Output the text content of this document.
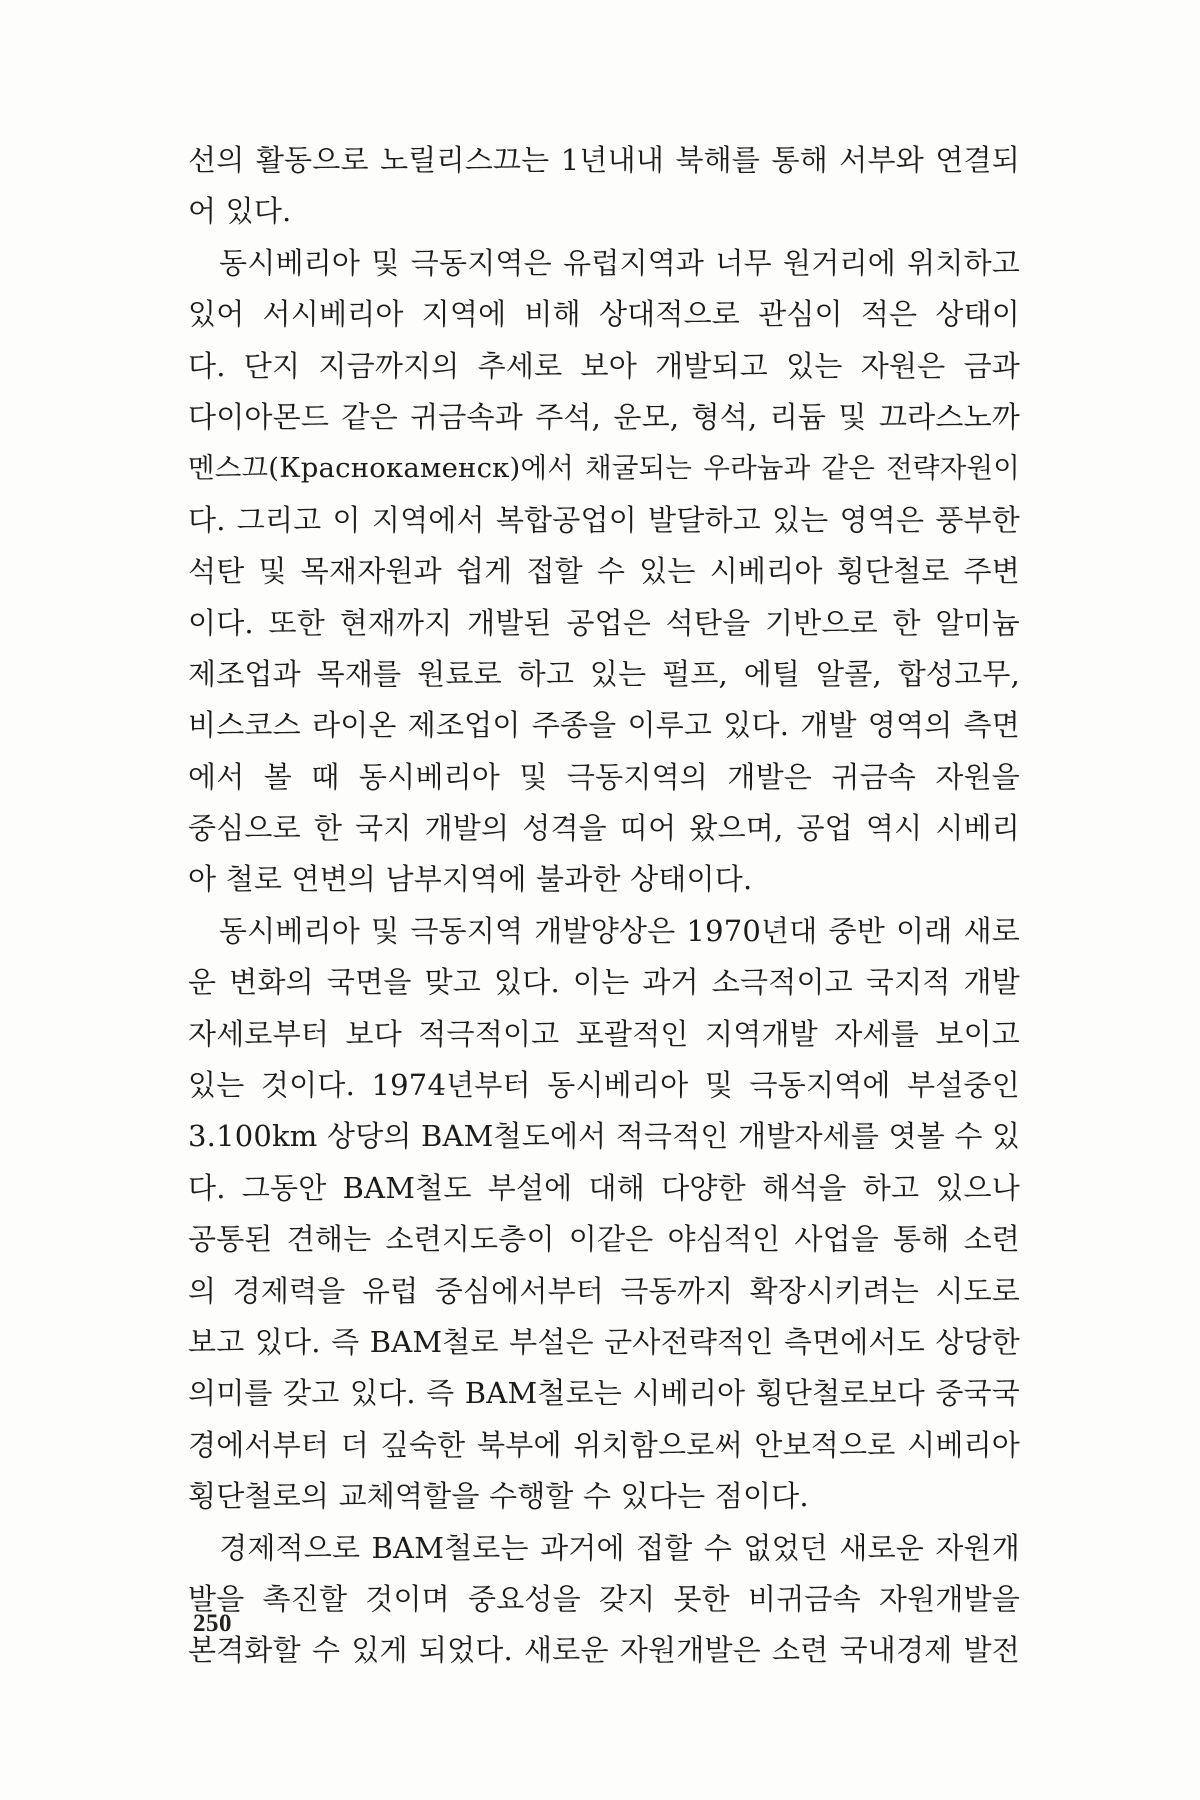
선의 활동으로 노릴리스끄는 1년내내 북해를 통해 서부와 연결되
어 있다.
　동시베리아 및 극동지역은 유럽지역과 너무 원거리에 위치하고
있어 서시베리아 지역에 비해 상대적으로 관심이 적은 상태이
다. 단지 지금까지의 추세로 보아 개발되고 있는 자원은 금과
다이아몬드 같은 귀금속과 주석, 운모, 형석, 리듐 및 끄라스노까
멘스끄(Краснокаменск)에서 채굴되는 우라늄과 같은 전략자원이
다. 그리고 이 지역에서 복합공업이 발달하고 있는 영역은 풍부한
석탄 및 목재자원과 쉽게 접할 수 있는 시베리아 횡단철로 주변
이다. 또한 현재까지 개발된 공업은 석탄을 기반으로 한 알미늄
제조업과 목재를 원료로 하고 있는 펄프, 에틸 알콜, 합성고무,
비스코스 라이온 제조업이 주종을 이루고 있다. 개발 영역의 측면
에서 볼 때 동시베리아 및 극동지역의 개발은 귀금속 자원을
중심으로 한 국지 개발의 성격을 띠어 왔으며, 공업 역시 시베리
아 철로 연변의 남부지역에 불과한 상태이다.
　동시베리아 및 극동지역 개발양상은 1970년대 중반 이래 새로
운 변화의 국면을 맞고 있다. 이는 과거 소극적이고 국지적 개발
자세로부터 보다 적극적이고 포괄적인 지역개발 자세를 보이고
있는 것이다. 1974년부터 동시베리아 및 극동지역에 부설중인
3.100km 상당의 BAM철도에서 적극적인 개발자세를 엿볼 수 있
다. 그동안 BAM철도 부설에 대해 다양한 해석을 하고 있으나
공통된 견해는 소련지도층이 이같은 야심적인 사업을 통해 소련
의 경제력을 유럽 중심에서부터 극동까지 확장시키려는 시도로
보고 있다. 즉 BAM철로 부설은 군사전략적인 측면에서도 상당한
의미를 갖고 있다. 즉 BAM철로는 시베리아 횡단철로보다 중국국
경에서부터 더 깊숙한 북부에 위치함으로써 안보적으로 시베리아
횡단철로의 교체역할을 수행할 수 있다는 점이다.
　경제적으로 BAM철로는 과거에 접할 수 없었던 새로운 자원개
발을 촉진할 것이며 중요성을 갖지 못한 비귀금속 자원개발을
본격화할 수 있게 되었다. 새로운 자원개발은 소련 국내경제 발전
250
